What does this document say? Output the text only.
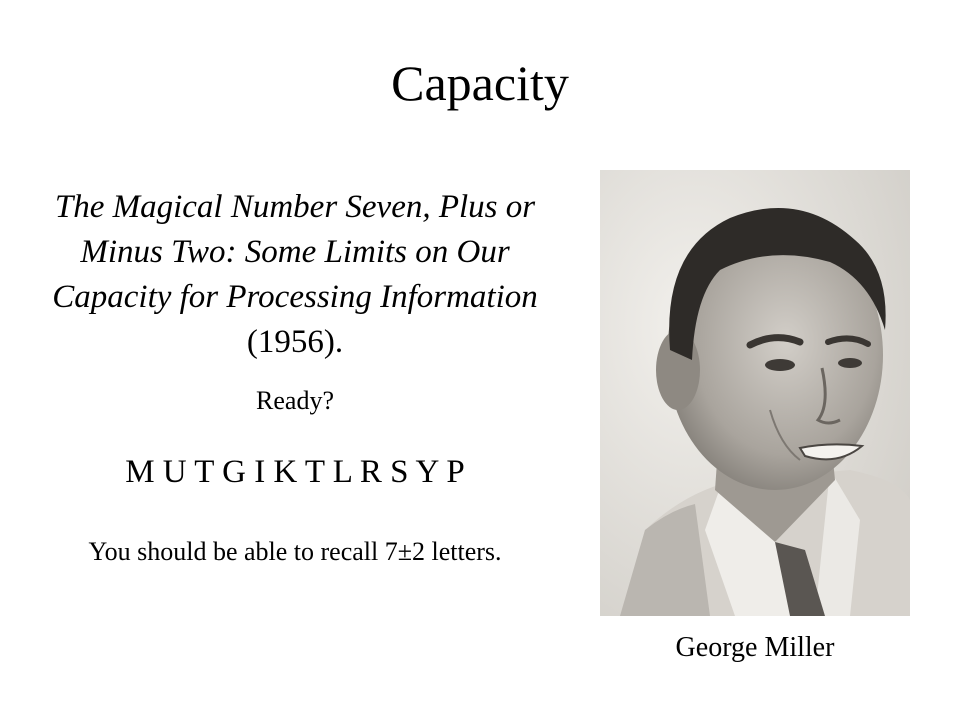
Capacity
The Magical Number Seven, Plus or Minus Two: Some Limits on Our Capacity for Processing Information (1956).
Ready?
M U T G I K T L R S Y P
You should be able to recall 7±2 letters.
George Miller
